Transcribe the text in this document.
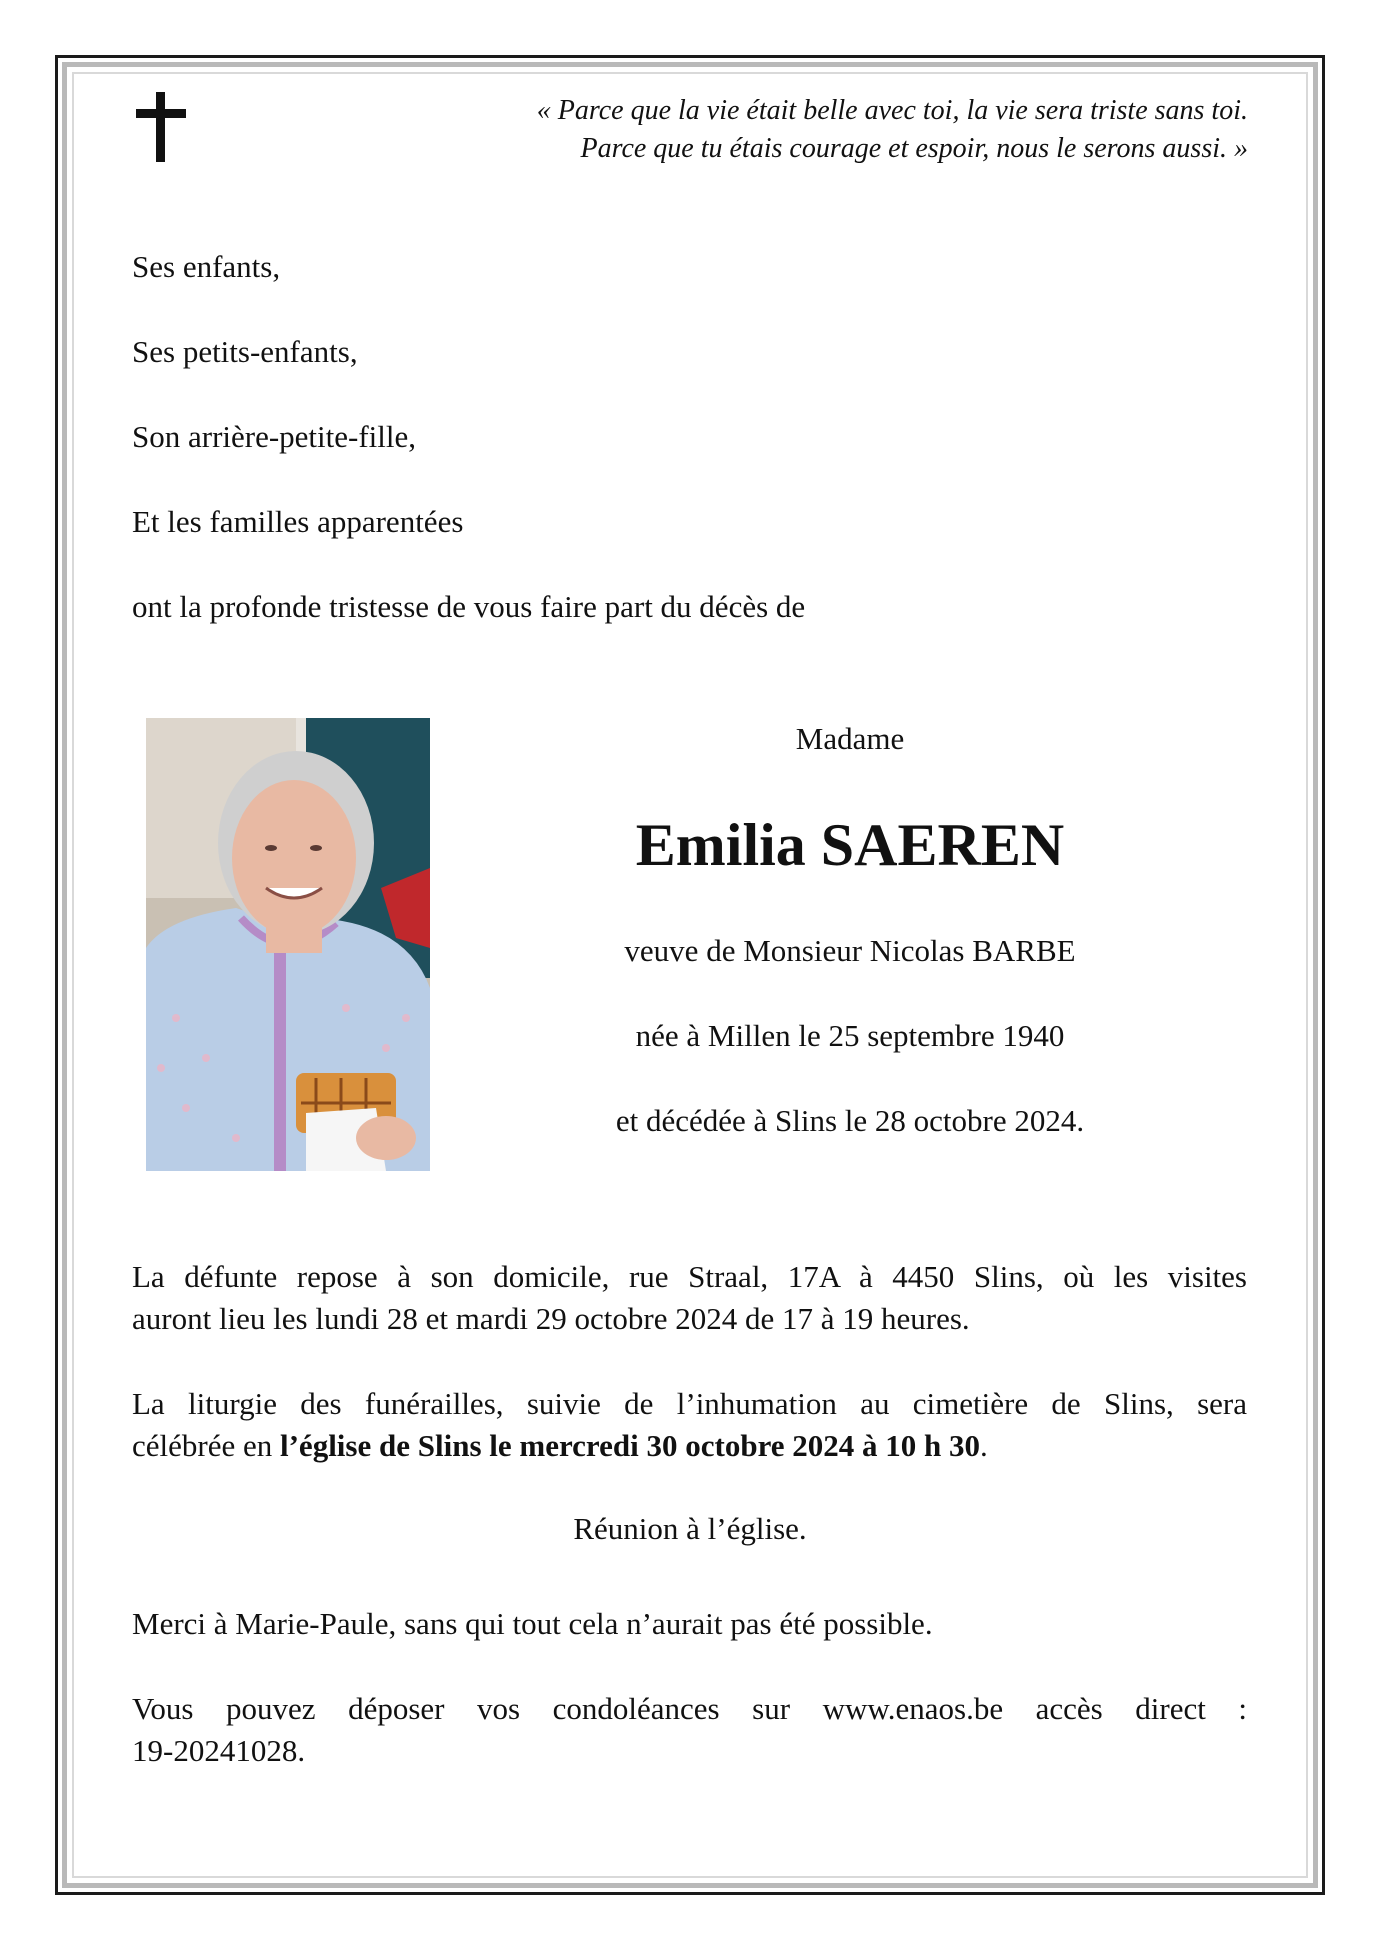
« Parce que la vie était belle avec toi, la vie sera triste sans toi.
Parce que tu étais courage et espoir, nous le serons aussi. »
Ses enfants,
Ses petits-enfants,
Son arrière-petite-fille,
Et les familles apparentées
ont la profonde tristesse de vous faire part du décès de
Madame
Emilia SAEREN
veuve de Monsieur Nicolas BARBE
née à Millen le 25 septembre 1940
et décédée à Slins le 28 octobre 2024.
La défunte repose à son domicile, rue Straal, 17A à 4450 Slins, où les visites
auront lieu les lundi 28 et mardi 29 octobre 2024 de 17 à 19 heures.
La liturgie des funérailles, suivie de l’inhumation au cimetière de Slins, sera
célébrée en l’église de Slins le mercredi 30 octobre 2024 à 10 h 30.
Réunion à l’église.
Merci à Marie-Paule, sans qui tout cela n’aurait pas été possible.
Vous pouvez déposer vos condoléances sur www.enaos.be accès direct :
19-20241028.
